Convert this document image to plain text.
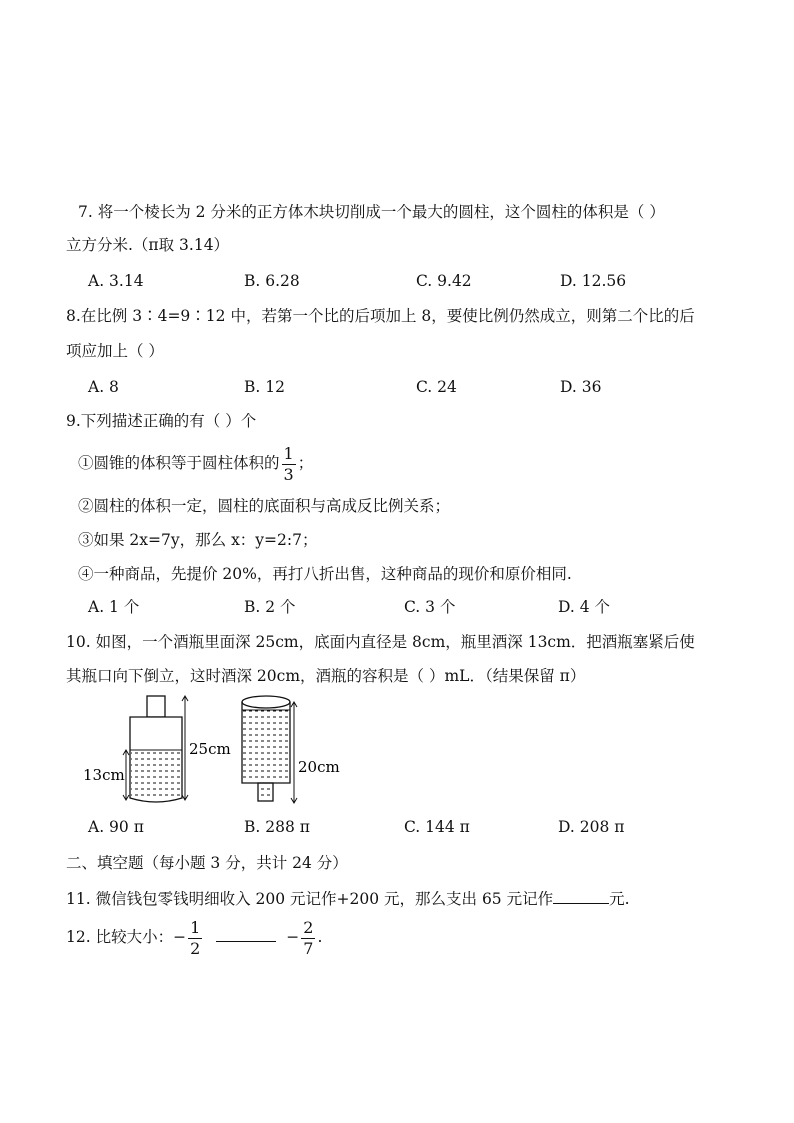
7. 将一个棱长为 2 分米的正方体木块切削成一个最大的圆柱，这个圆柱的体积是（ ）
立方分米.（π取 3.14）
A. 3.14	B. 6.28	C. 9.42	D. 12.56
8.在比例 3∶4=9∶12 中，若第一个比的后项加上 8，要使比例仍然成立，则第二个比的后
项应加上（ ）
A. 8	B. 12	C. 24	D. 36
9.下列描述正确的有（ ）个
①圆锥的体积等于圆柱体积的 $\frac{1}{3}$ ；
②圆柱的体积一定，圆柱的底面积与高成反比例关系；
③如果 2x=7y，那么 x：y=2:7；
④一种商品，先提价 20%，再打八折出售，这种商品的现价和原价相同.
A. 1 个	B. 2 个	C. 3 个	D. 4 个
10. 如图，一个酒瓶里面深 25cm，底面内直径是 8cm，瓶里酒深 13cm．把酒瓶塞紧后使
其瓶口向下倒立，这时酒深 20cm，酒瓶的容积是（ ）mL．（结果保留 π）
13cm
25cm
20cm
A. 90 π	B. 288 π	C. 144 π	D. 208 π
二、填空题（每小题 3 分，共计 24 分）
11. 微信钱包零钱明细收入 200 元记作+200 元，那么支出 65 元记作	元.
12. 比较大小：− $\frac{1}{2}$	− $\frac{2}{7}$ .
